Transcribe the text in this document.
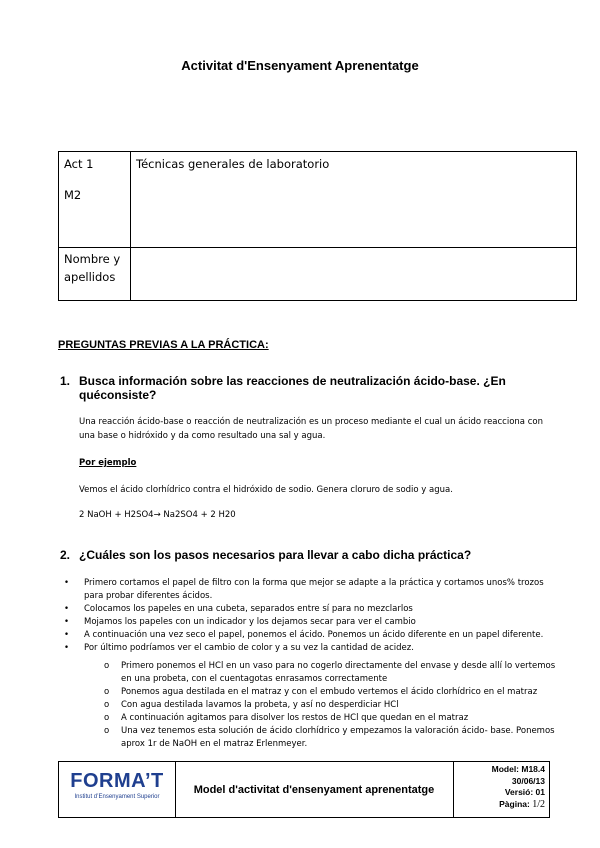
Activitat d'Ensenyament Aprenentatge
Act 1
M2
Técnicas generales de laboratorio
Nombre y
apellidos
PREGUNTAS PREVIAS A LA PRÁCTICA:
1. Busca información sobre las reacciones de neutralización ácido-base. ¿En
quéconsiste?
Una reacción ácido-base o reacción de neutralización es un proceso mediante el cual un ácido reacciona con
una base o hidróxido y da como resultado una sal y agua.
Por ejemplo
Vemos el ácido clorhídrico contra el hidróxido de sodio. Genera cloruro de sodio y agua.
2 NaOH + H2SO4→ Na2SO4 + 2 H20
2. ¿Cuáles son los pasos necesarios para llevar a cabo dicha práctica?
• Primero cortamos el papel de filtro con la forma que mejor se adapte a la práctica y cortamos unos% trozos
para probar diferentes ácidos.
• Colocamos los papeles en una cubeta, separados entre sí para no mezclarlos
• Mojamos los papeles con un indicador y los dejamos secar para ver el cambio
• A continuación una vez seco el papel, ponemos el ácido. Ponemos un ácido diferente en un papel diferente.
• Por último podríamos ver el cambio de color y a su vez la cantidad de acidez.
o Primero ponemos el HCl en un vaso para no cogerlo directamente del envase y desde allí lo vertemos
en una probeta, con el cuentagotas enrasamos correctamente
o Ponemos agua destilada en el matraz y con el embudo vertemos el ácido clorhídrico en el matraz
o Con agua destilada lavamos la probeta, y así no desperdiciar HCl
o A continuación agitamos para disolver los restos de HCl que quedan en el matraz
o Una vez tenemos esta solución de ácido clorhídrico y empezamos la valoración ácido- base. Ponemos
aprox 1r de NaOH en el matraz Erlenmeyer.
FORMA’T
Institut d’Ensenyament Superior
Model d'activitat d'ensenyament aprenentatge
Model: M18.4
30/06/13
Versió: 01
Pàgina: 1/2
